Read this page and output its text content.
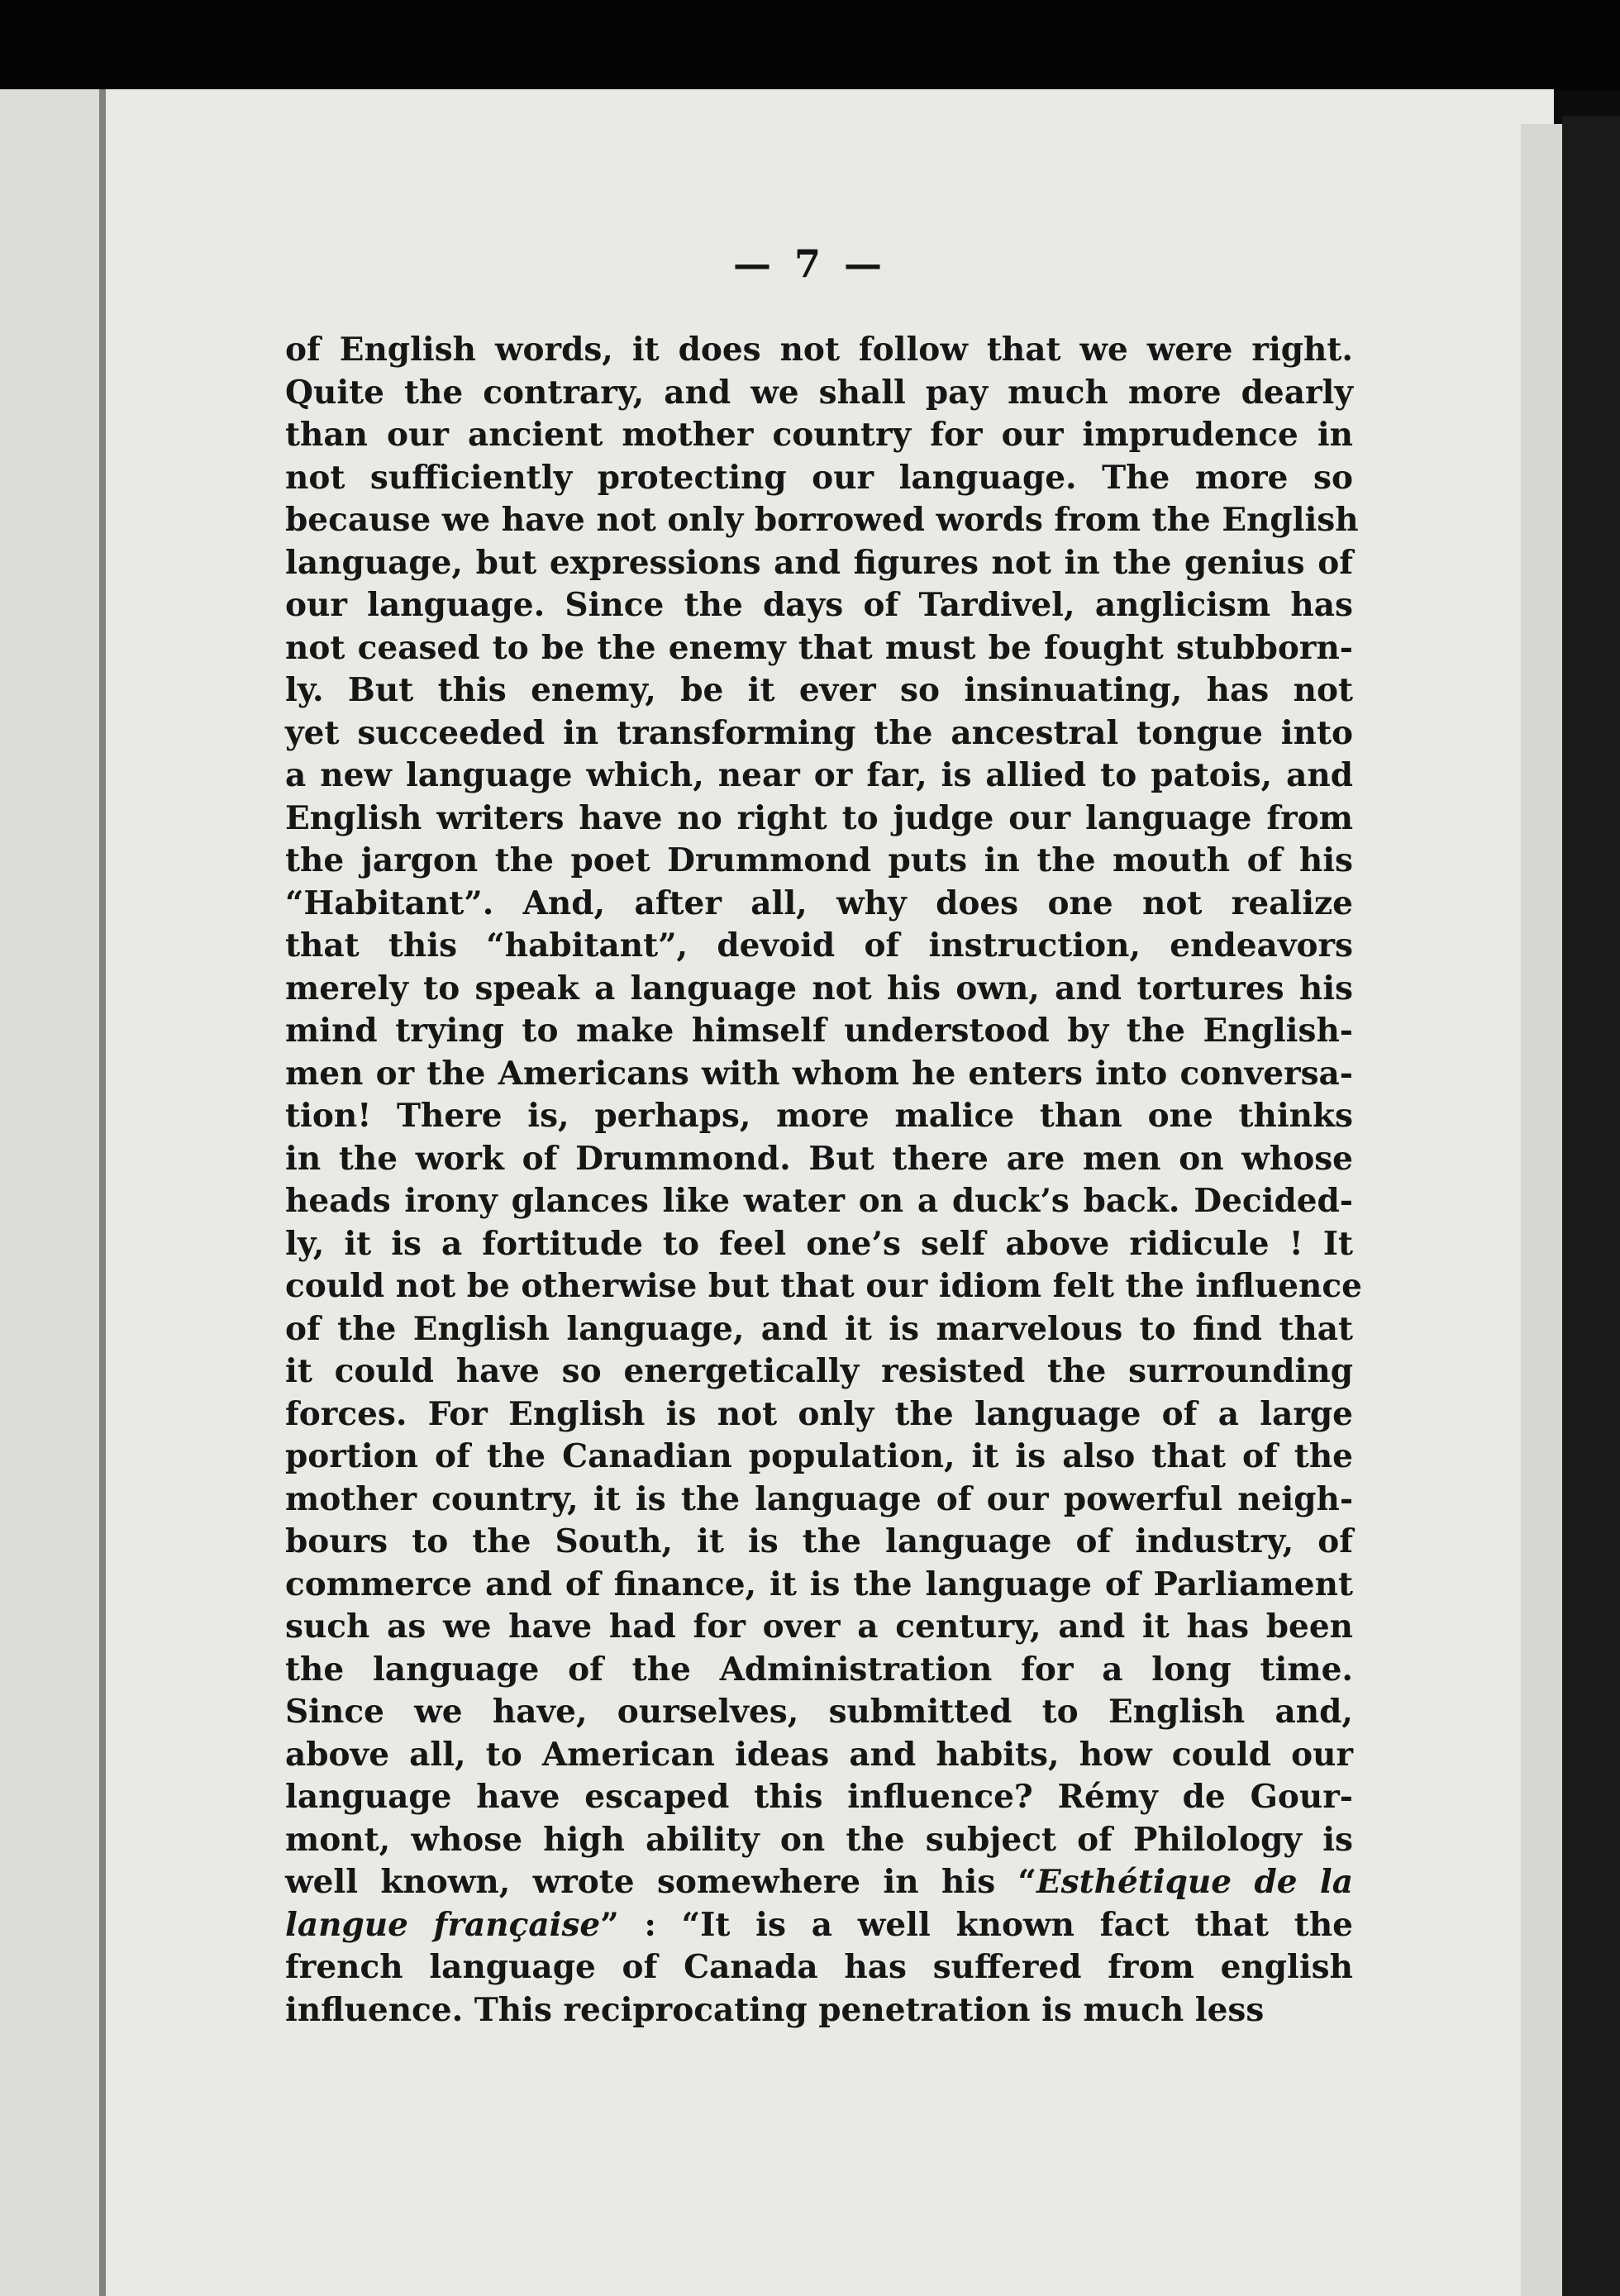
— 7 —
of English words, it does not follow that we were right.
Quite the contrary, and we shall pay much more dearly
than our ancient mother country for our imprudence in
not sufficiently protecting our language. The more so
because we have not only borrowed words from the English
language, but expressions and figures not in the genius of
our language. Since the days of Tardivel, anglicism has
not ceased to be the enemy that must be fought stubborn-
ly. But this enemy, be it ever so insinuating, has not
yet succeeded in transforming the ancestral tongue into
a new language which, near or far, is allied to patois, and
English writers have no right to judge our language from
the jargon the poet Drummond puts in the mouth of his
“Habitant”. And, after all, why does one not realize
that this “habitant”, devoid of instruction, endeavors
merely to speak a language not his own, and tortures his
mind trying to make himself understood by the English-
men or the Americans with whom he enters into conversa-
tion! There is, perhaps, more malice than one thinks
in the work of Drummond. But there are men on whose
heads irony glances like water on a duck’s back. Decided-
ly, it is a fortitude to feel one’s self above ridicule ! It
could not be otherwise but that our idiom felt the influence
of the English language, and it is marvelous to find that
it could have so energetically resisted the surrounding
forces. For English is not only the language of a large
portion of the Canadian population, it is also that of the
mother country, it is the language of our powerful neigh-
bours to the South, it is the language of industry, of
commerce and of finance, it is the language of Parliament
such as we have had for over a century, and it has been
the language of the Administration for a long time.
Since we have, ourselves, submitted to English and,
above all, to American ideas and habits, how could our
language have escaped this influence? Rémy de Gour-
mont, whose high ability on the subject of Philology is
well known, wrote somewhere in his “Esthétique de la
langue française” : “It is a well known fact that the
french language of Canada has suffered from english
influence. This reciprocating penetration is much less
